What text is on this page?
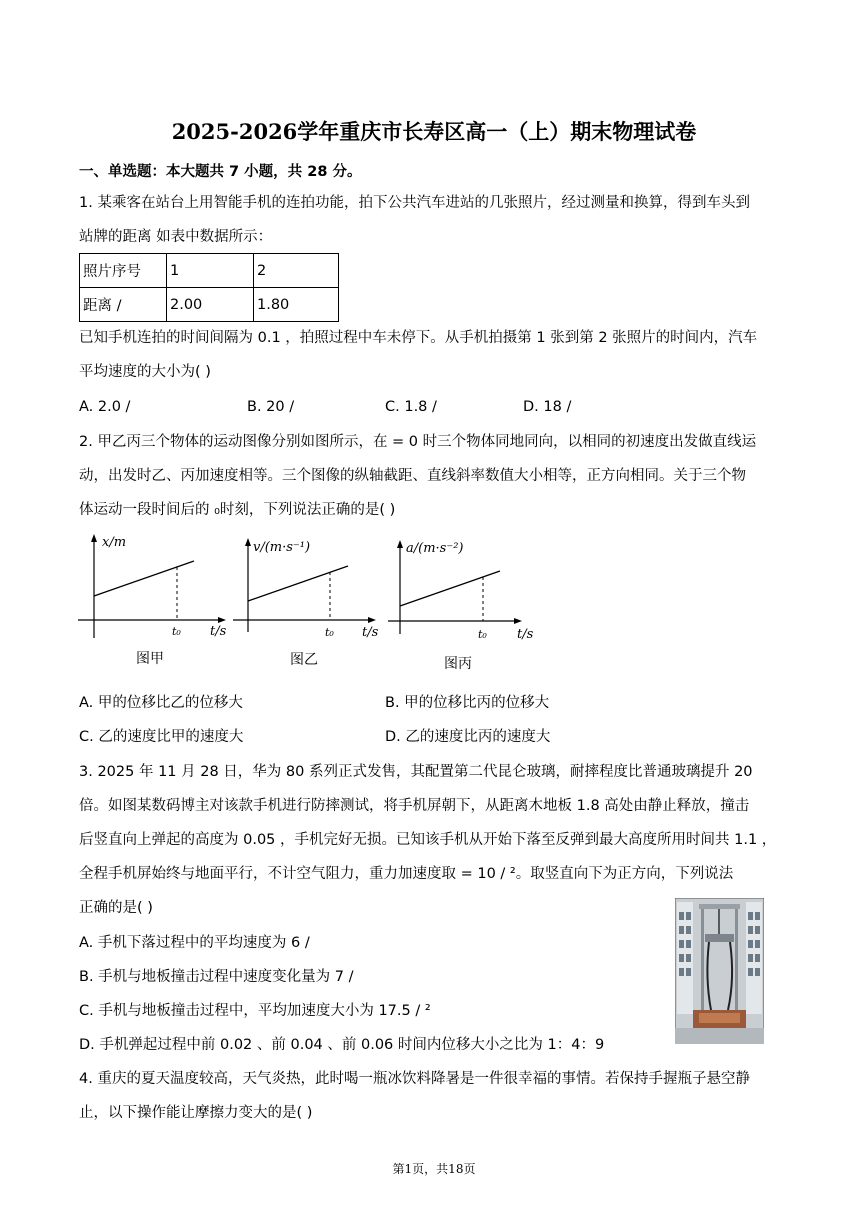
2025-2026学年重庆市长寿区高一（上）期末物理试卷
一、单选题：本大题共 7 小题，共 28 分。
1. 某乘客在站台上用智能手机的连拍功能，拍下公共汽车进站的几张照片，经过测量和换算，得到车头到
站牌的距离 如表中数据所示：
照片序号	1	2
距离 /	2.00	1.80
已知手机连拍的时间间隔为 0.1 ，拍照过程中车未停下。从手机拍摄第 1 张到第 2 张照片的时间内，汽车
平均速度的大小为( )
A. 2.0 /	B. 20 /	C. 1.8 /	D. 18 /
2. 甲乙丙三个物体的运动图像分别如图所示，在 = 0 时三个物体同地同向，以相同的初速度出发做直线运
动，出发时乙、丙加速度相等。三个图像的纵轴截距、直线斜率数值大小相等，正方向相同。关于三个物
体运动一段时间后的 ₀时刻，下列说法正确的是( )
x/m
t/s
t₀
图甲
v/(m·s⁻¹)
t/s
t₀
图乙
a/(m·s⁻²)
t/s
t₀
图丙
A. 甲的位移比乙的位移大	B. 甲的位移比丙的位移大
C. 乙的速度比甲的速度大	D. 乙的速度比丙的速度大
3. 2025 年 11 月 28 日，华为 80 系列正式发售，其配置第二代昆仑玻璃，耐摔程度比普通玻璃提升 20
倍。如图某数码博主对该款手机进行防摔测试，将手机屏朝下，从距离木地板 1.8 高处由静止释放，撞击
后竖直向上弹起的高度为 0.05 ，手机完好无损。已知该手机从开始下落至反弹到最大高度所用时间共 1.1 ，
全程手机屏始终与地面平行，不计空气阻力，重力加速度取 = 10 / ²。取竖直向下为正方向，下列说法
正确的是( )
A. 手机下落过程中的平均速度为 6 /
B. 手机与地板撞击过程中速度变化量为 7 /
C. 手机与地板撞击过程中，平均加速度大小为 17.5 / ²
D. 手机弹起过程中前 0.02 、前 0.04 、前 0.06 时间内位移大小之比为 1：4：9
4. 重庆的夏天温度较高，天气炎热，此时喝一瓶冰饮料降暑是一件很幸福的事情。若保持手握瓶子悬空静
止，以下操作能让摩擦力变大的是( )
第1页，共18页
